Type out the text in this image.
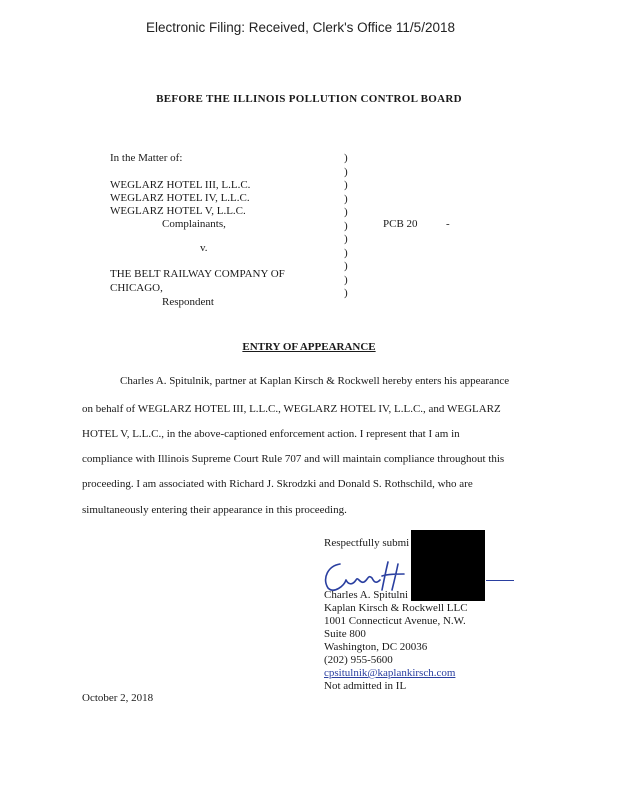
Electronic Filing: Received, Clerk's Office 11/5/2018
BEFORE THE ILLINOIS POLLUTION CONTROL BOARD
In the Matter of:
WEGLARZ HOTEL III, L.L.C.
WEGLARZ HOTEL IV, L.L.C.
WEGLARZ HOTEL V, L.L.C.
Complainants,
v.
THE BELT RAILWAY COMPANY OF
CHICAGO,
Respondent
)
)
)
)
)
)
)
)
)
)
)
PCB 20	-
ENTRY OF APPEARANCE
Charles A. Spitulnik, partner at Kaplan Kirsch & Rockwell hereby enters his appearance
on behalf of WEGLARZ HOTEL III, L.L.C., WEGLARZ HOTEL IV, L.L.C., and WEGLARZ
HOTEL V, L.L.C., in the above-captioned enforcement action. I represent that I am in
compliance with Illinois Supreme Court Rule 707 and will maintain compliance throughout this
proceeding. I am associated with Richard J. Skrodzki and Donald S. Rothschild, who are
simultaneously entering their appearance in this proceeding.
Respectfully submi
Charles A. Spitulni
Kaplan Kirsch & Rockwell LLC
1001 Connecticut Avenue, N.W.
Suite 800
Washington, DC 20036
(202) 955-5600
cpsitulnik@kaplankirsch.com
Not admitted in IL
October 2, 2018
